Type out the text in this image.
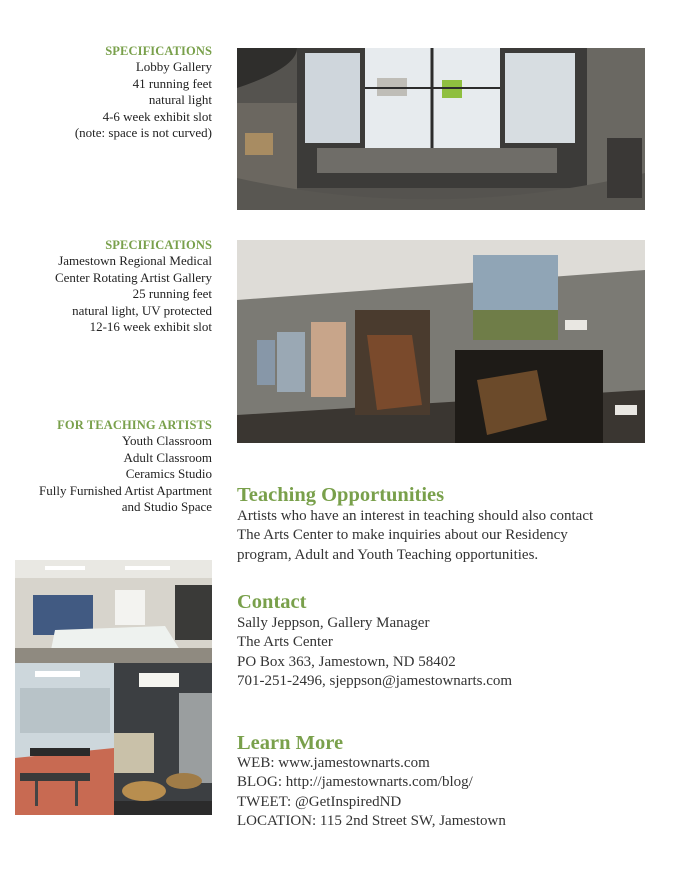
SPECIFICATIONS
Lobby Gallery
41 running feet
natural light
4-6 week exhibit slot
(note: space is not curved)
SPECIFICATIONS
Jamestown Regional Medical
Center Rotating Artist Gallery
25 running feet
natural light, UV protected
12-16 week exhibit slot
FOR TEACHING ARTISTS
Youth Classroom
Adult Classroom
Ceramics Studio
Fully Furnished Artist Apartment
and Studio Space
Teaching Opportunities
Artists who have an interest in teaching should also contact
The Arts Center to make inquiries about our Residency
program, Adult and Youth Teaching opportunities.
Contact
Sally Jeppson, Gallery Manager
The Arts Center
PO Box 363, Jamestown, ND 58402
701-251-2496, sjeppson@jamestownarts.com
Learn More
WEB: www.jamestownarts.com
BLOG: http://jamestownarts.com/blog/
TWEET: @GetInspiredND
LOCATION: 115 2nd Street SW, Jamestown
